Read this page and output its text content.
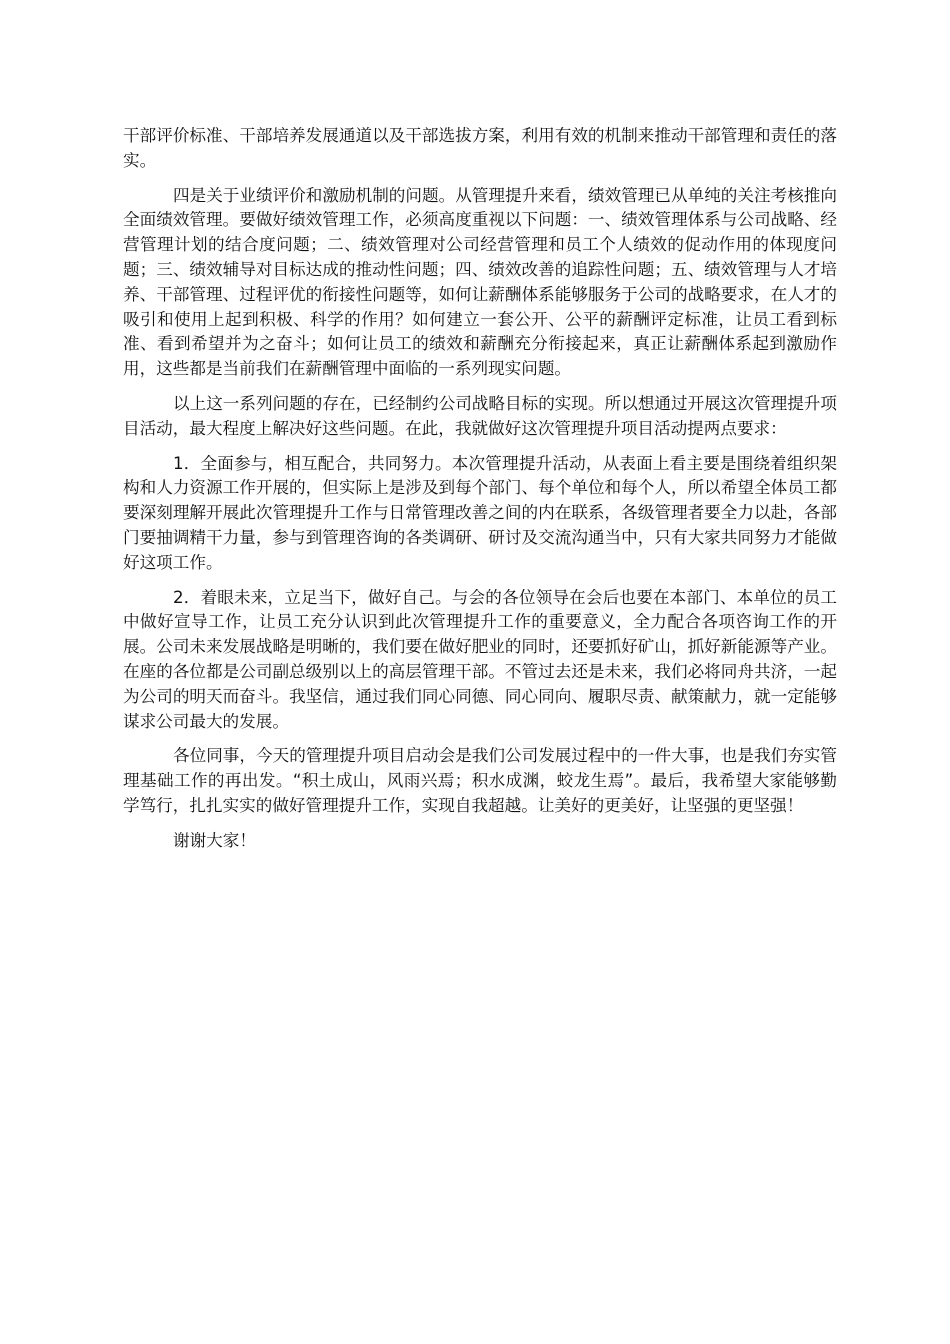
干部评价标准、干部培养发展通道以及干部选拔方案，利用有效的机制来推动干部管理和责任的落实。

四是关于业绩评价和激励机制的问题。从管理提升来看，绩效管理已从单纯的关注考核推向全面绩效管理。要做好绩效管理工作，必须高度重视以下问题：一、绩效管理体系与公司战略、经营管理计划的结合度问题；二、绩效管理对公司经营管理和员工个人绩效的促动作用的体现度问题；三、绩效辅导对目标达成的推动性问题；四、绩效改善的追踪性问题；五、绩效管理与人才培养、干部管理、过程评优的衔接性问题等，如何让薪酬体系能够服务于公司的战略要求，在人才的吸引和使用上起到积极、科学的作用？如何建立一套公开、公平的薪酬评定标准，让员工看到标准、看到希望并为之奋斗；如何让员工的绩效和薪酬充分衔接起来，真正让薪酬体系起到激励作用，这些都是当前我们在薪酬管理中面临的一系列现实问题。

以上这一系列问题的存在，已经制约公司战略目标的实现。所以想通过开展这次管理提升项目活动，最大程度上解决好这些问题。在此，我就做好这次管理提升项目活动提两点要求：

1．全面参与，相互配合，共同努力。本次管理提升活动，从表面上看主要是围绕着组织架构和人力资源工作开展的，但实际上是涉及到每个部门、每个单位和每个人，所以希望全体员工都要深刻理解开展此次管理提升工作与日常管理改善之间的内在联系，各级管理者要全力以赴，各部门要抽调精干力量，参与到管理咨询的各类调研、研讨及交流沟通当中，只有大家共同努力才能做好这项工作。

2．着眼未来，立足当下，做好自己。与会的各位领导在会后也要在本部门、本单位的员工中做好宣导工作，让员工充分认识到此次管理提升工作的重要意义，全力配合各项咨询工作的开展。公司未来发展战略是明晰的，我们要在做好肥业的同时，还要抓好矿山，抓好新能源等产业。在座的各位都是公司副总级别以上的高层管理干部。不管过去还是未来，我们必将同舟共济，一起为公司的明天而奋斗。我坚信，通过我们同心同德、同心同向、履职尽责、献策献力，就一定能够谋求公司最大的发展。

各位同事，今天的管理提升项目启动会是我们公司发展过程中的一件大事，也是我们夯实管理基础工作的再出发。“积土成山，风雨兴焉；积水成渊，蛟龙生焉”。最后，我希望大家能够勤学笃行，扎扎实实的做好管理提升工作，实现自我超越。让美好的更美好，让坚强的更坚强！

谢谢大家！
